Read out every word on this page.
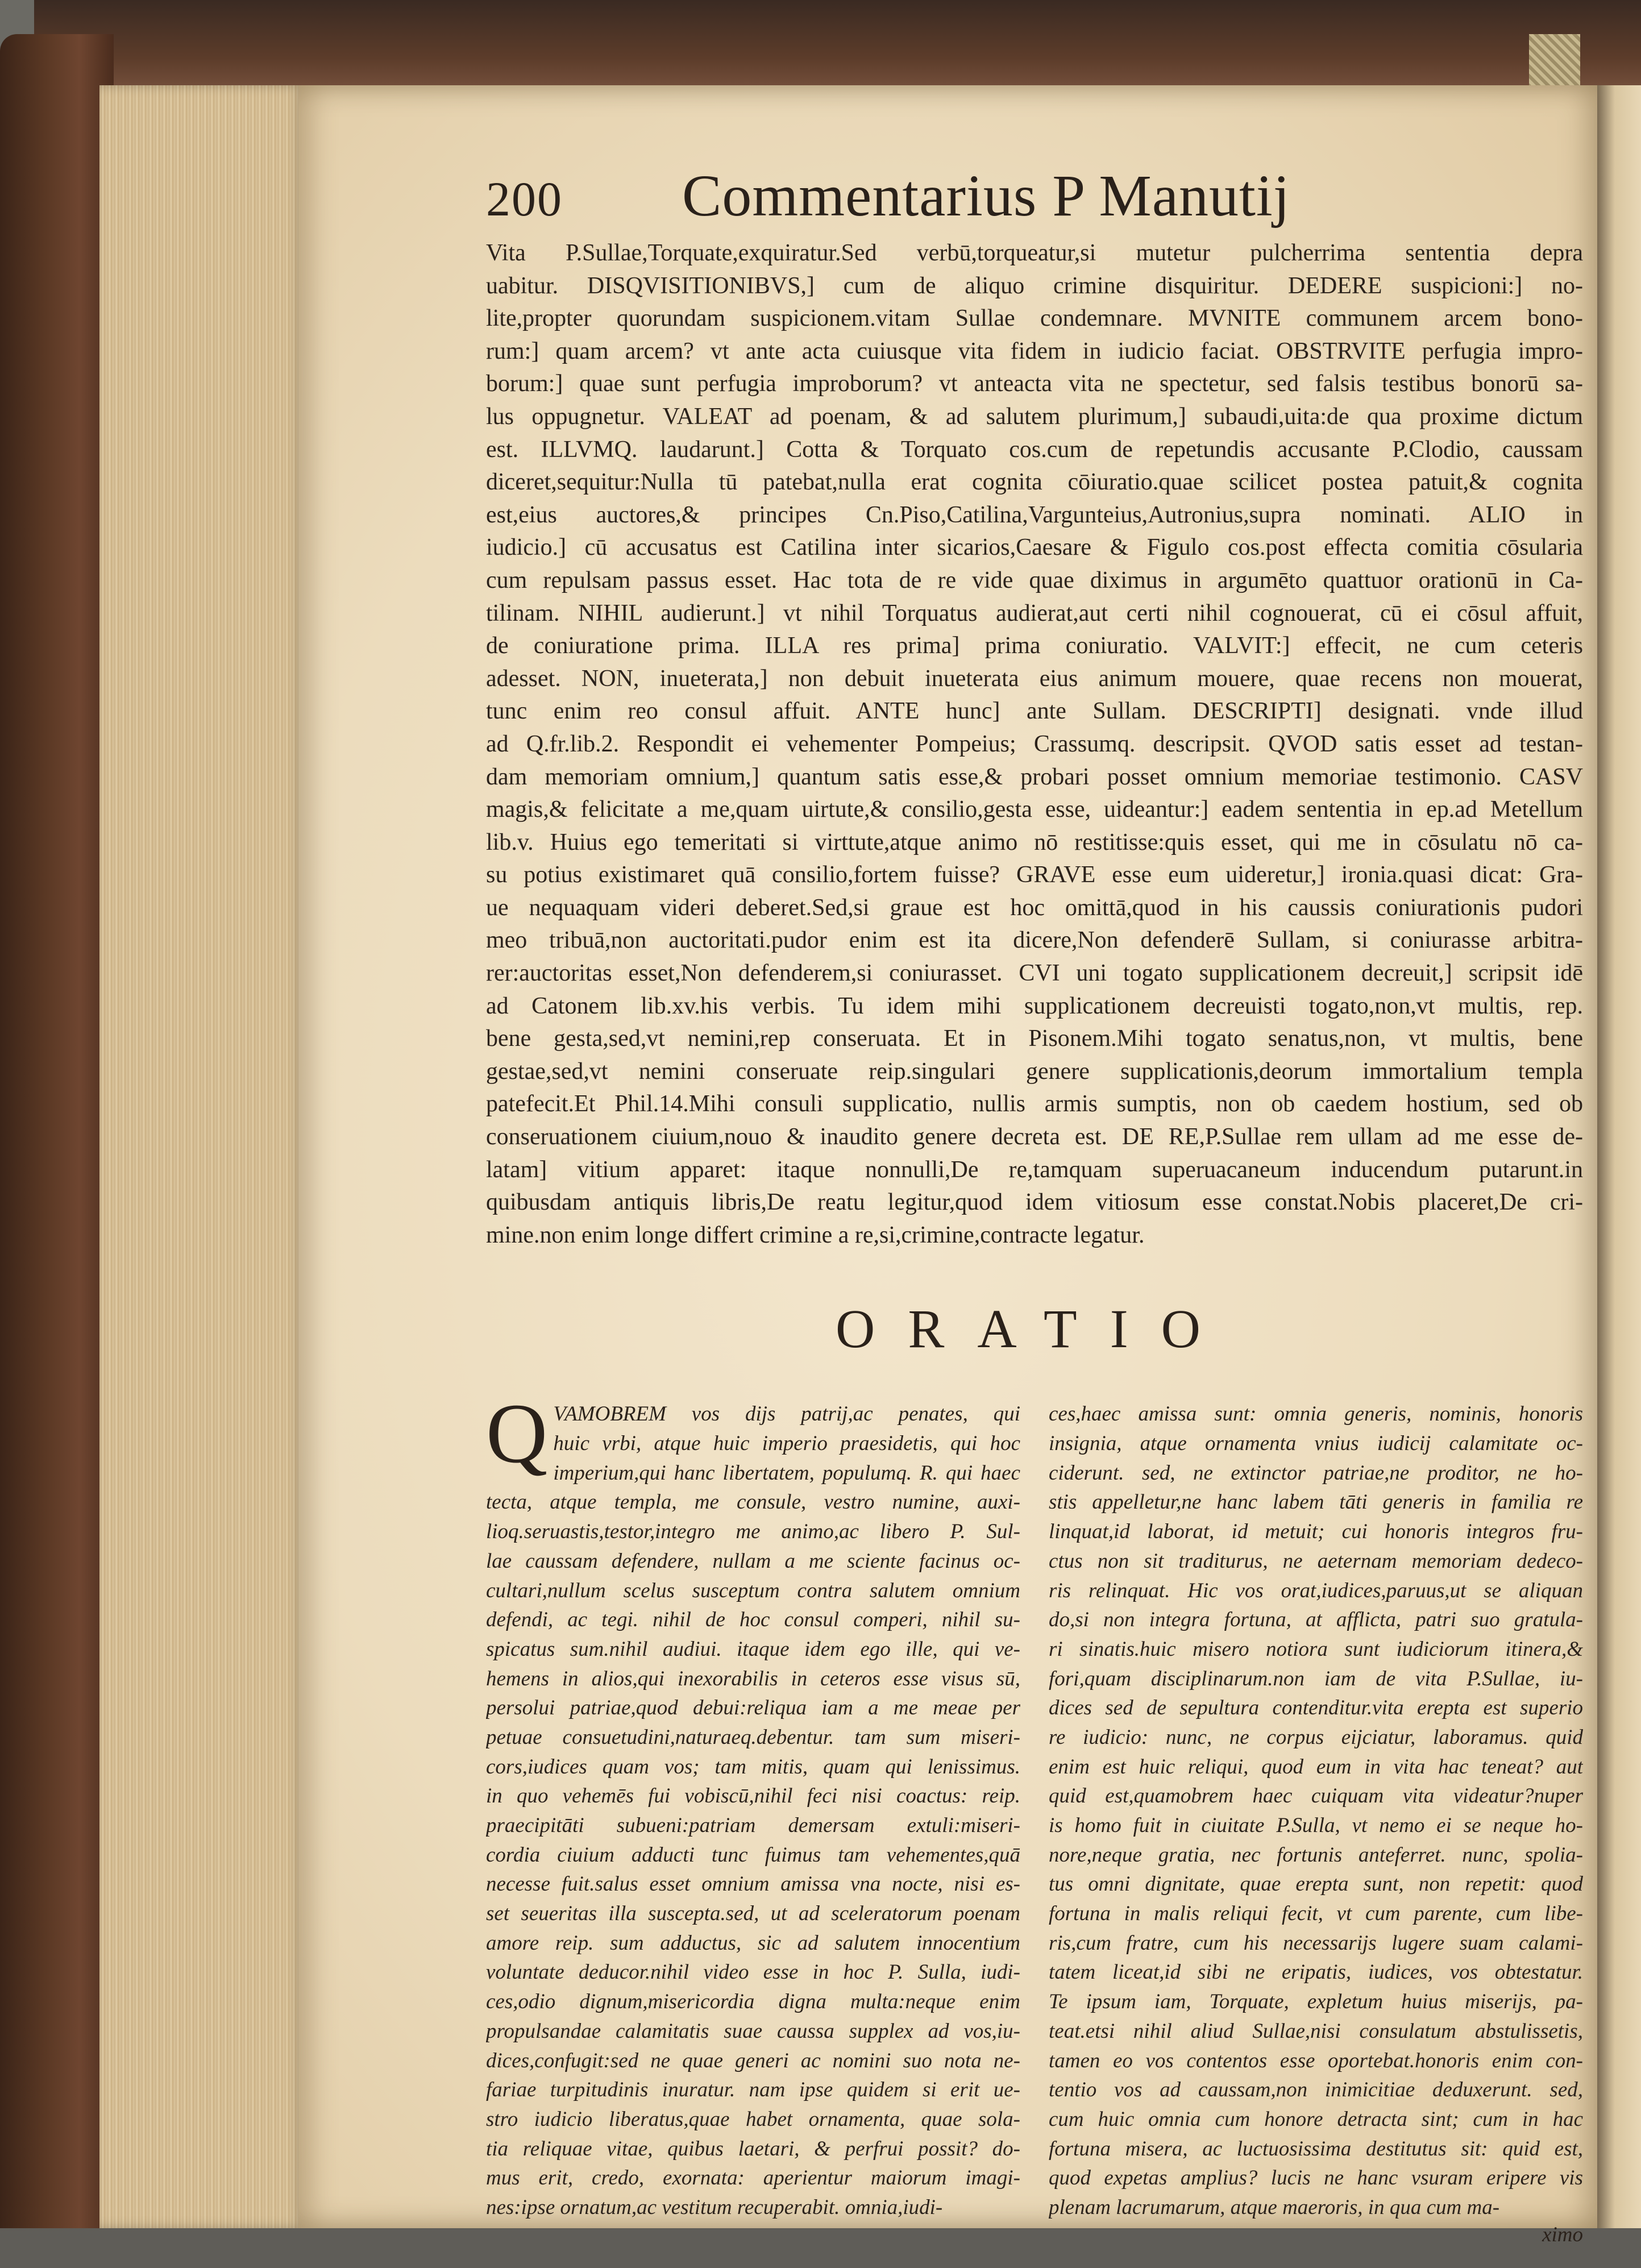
200 Commentarius P Manutij
Vita P.Sullae,Torquate,exquiratur.Sed verbū,torqueatur,si mutetur pulcherrima sententia depra
uabitur. DISQVISITIONIBVS,] cum de aliquo crimine disquiritur. DEDERE suspicioni:] no-
lite,propter quorundam suspicionem.vitam Sullae condemnare. MVNITE communem arcem bono-
rum:] quam arcem? vt ante acta cuiusque vita fidem in iudicio faciat. OBSTRVITE perfugia impro-
borum:] quae sunt perfugia improborum? vt anteacta vita ne spectetur, sed falsis testibus bonorū sa-
lus oppugnetur. VALEAT ad poenam, & ad salutem plurimum,] subaudi,uita:de qua proxime dictum
est. ILLVMQ. laudarunt.] Cotta & Torquato cos.cum de repetundis accusante P.Clodio, caussam
diceret,sequitur:Nulla tū patebat,nulla erat cognita cōiuratio.quae scilicet postea patuit,& cognita
est,eius auctores,& principes Cn.Piso,Catilina,Vargunteius,Autronius,supra nominati. ALIO in
iudicio.] cū accusatus est Catilina inter sicarios,Caesare & Figulo cos.post effecta comitia cōsularia
cum repulsam passus esset. Hac tota de re vide quae diximus in argumēto quattuor orationū in Ca-
tilinam. NIHIL audierunt.] vt nihil Torquatus audierat,aut certi nihil cognouerat, cū ei cōsul affuit,
de coniuratione prima. ILLA res prima] prima coniuratio. VALVIT:] effecit, ne cum ceteris
adesset. NON, inueterata,] non debuit inueterata eius animum mouere, quae recens non mouerat,
tunc enim reo consul affuit. ANTE hunc] ante Sullam. DESCRIPTI] designati. vnde illud
ad Q.fr.lib.2. Respondit ei vehementer Pompeius; Crassumq. descripsit. QVOD satis esset ad testan-
dam memoriam omnium,] quantum satis esse,& probari posset omnium memoriae testimonio. CASV
magis,& felicitate a me,quam uirtute,& consilio,gesta esse, uideantur:] eadem sententia in ep.ad Metellum
lib.v. Huius ego temeritati si virttute,atque animo nō restitisse:quis esset, qui me in cōsulatu nō ca-
su potius existimaret quā consilio,fortem fuisse? GRAVE esse eum uideretur,] ironia.quasi dicat: Gra-
ue nequaquam videri deberet.Sed,si graue est hoc omittā,quod in his caussis coniurationis pudori
meo tribuā,non auctoritati.pudor enim est ita dicere,Non defenderē Sullam, si coniurasse arbitra-
rer:auctoritas esset,Non defenderem,si coniurasset. CVI uni togato supplicationem decreuit,] scripsit idē
ad Catonem lib.xv.his verbis. Tu idem mihi supplicationem decreuisti togato,non,vt multis, rep.
bene gesta,sed,vt nemini,rep conseruata. Et in Pisonem.Mihi togato senatus,non, vt multis, bene
gestae,sed,vt nemini conseruate reip.singulari genere supplicationis,deorum immortalium templa
patefecit.Et Phil.14.Mihi consuli supplicatio, nullis armis sumptis, non ob caedem hostium, sed ob
conseruationem ciuium,nouo & inaudito genere decreta est. DE RE,P.Sullae rem ullam ad me esse de-
latam] vitium apparet: itaque nonnulli,De re,tamquam superuacaneum inducendum putarunt.in
quibusdam antiquis libris,De reatu legitur,quod idem vitiosum esse constat.Nobis placeret,De cri-
mine.non enim longe differt crimine a re,si,crimine,contracte legatur.
ORATIO
Q VAMOBREM vos dijs patrij,ac penates, qui
huic vrbi, atque huic imperio praesidetis, qui hoc
imperium,qui hanc libertatem, populumq. R. qui haec
tecta, atque templa, me consule, vestro numine, auxi-
lioq.seruastis,testor,integro me animo,ac libero P. Sul-
lae caussam defendere, nullam a me sciente facinus oc-
cultari,nullum scelus susceptum contra salutem omnium
defendi, ac tegi. nihil de hoc consul comperi, nihil su-
spicatus sum.nihil audiui. itaque idem ego ille, qui ve-
hemens in alios,qui inexorabilis in ceteros esse visus sū,
persolui patriae,quod debui:reliqua iam a me meae per
petuae consuetudini,naturaeq.debentur. tam sum miseri-
cors,iudices quam vos; tam mitis, quam qui lenissimus.
in quo vehemēs fui vobiscū,nihil feci nisi coactus: reip.
praecipitāti subueni:patriam demersam extuli:miseri-
cordia ciuium adducti tunc fuimus tam vehementes,quā
necesse fuit.salus esset omnium amissa vna nocte, nisi es-
set seueritas illa suscepta.sed, ut ad sceleratorum poenam
amore reip. sum adductus, sic ad salutem innocentium
voluntate deducor.nihil video esse in hoc P. Sulla, iudi-
ces,odio dignum,misericordia digna multa:neque enim
propulsandae calamitatis suae caussa supplex ad vos,iu-
dices,confugit:sed ne quae generi ac nomini suo nota ne-
fariae turpitudinis inuratur. nam ipse quidem si erit ue-
stro iudicio liberatus,quae habet ornamenta, quae sola-
tia reliquae vitae, quibus laetari, & perfrui possit? do-
mus erit, credo, exornata: aperientur maiorum imagi-
nes:ipse ornatum,ac vestitum recuperabit. omnia,iudi-
ces,haec amissa sunt: omnia generis, nominis, honoris
insignia, atque ornamenta vnius iudicij calamitate oc-
ciderunt. sed, ne extinctor patriae,ne proditor, ne ho-
stis appelletur,ne hanc labem tāti generis in familia re
linquat,id laborat, id metuit; cui honoris integros fru-
ctus non sit traditurus, ne aeternam memoriam dedeco-
ris relinquat. Hic vos orat,iudices,paruus,ut se aliquan
do,si non integra fortuna, at afflicta, patri suo gratula-
ri sinatis.huic misero notiora sunt iudiciorum itinera,&
fori,quam disciplinarum.non iam de vita P.Sullae, iu-
dices sed de sepultura contenditur.vita erepta est superio
re iudicio: nunc, ne corpus eijciatur, laboramus. quid
enim est huic reliqui, quod eum in vita hac teneat? aut
quid est,quamobrem haec cuiquam vita videatur?nuper
is homo fuit in ciuitate P.Sulla, vt nemo ei se neque ho-
nore,neque gratia, nec fortunis anteferret. nunc, spolia-
tus omni dignitate, quae erepta sunt, non repetit: quod
fortuna in malis reliqui fecit, vt cum parente, cum libe-
ris,cum fratre, cum his necessarijs lugere suam calami-
tatem liceat,id sibi ne eripatis, iudices, vos obtestatur.
Te ipsum iam, Torquate, expletum huius miserijs, pa-
teat.etsi nihil aliud Sullae,nisi consulatum abstulissetis,
tamen eo vos contentos esse oportebat.honoris enim con-
tentio vos ad caussam,non inimicitiae deduxerunt. sed,
cum huic omnia cum honore detracta sint; cum in hac
fortuna misera, ac luctuosissima destitutus sit: quid est,
quod expetas amplius? lucis ne hanc vsuram eripere vis
plenam lacrumarum, atque maeroris, in qua cum ma-
ximo
